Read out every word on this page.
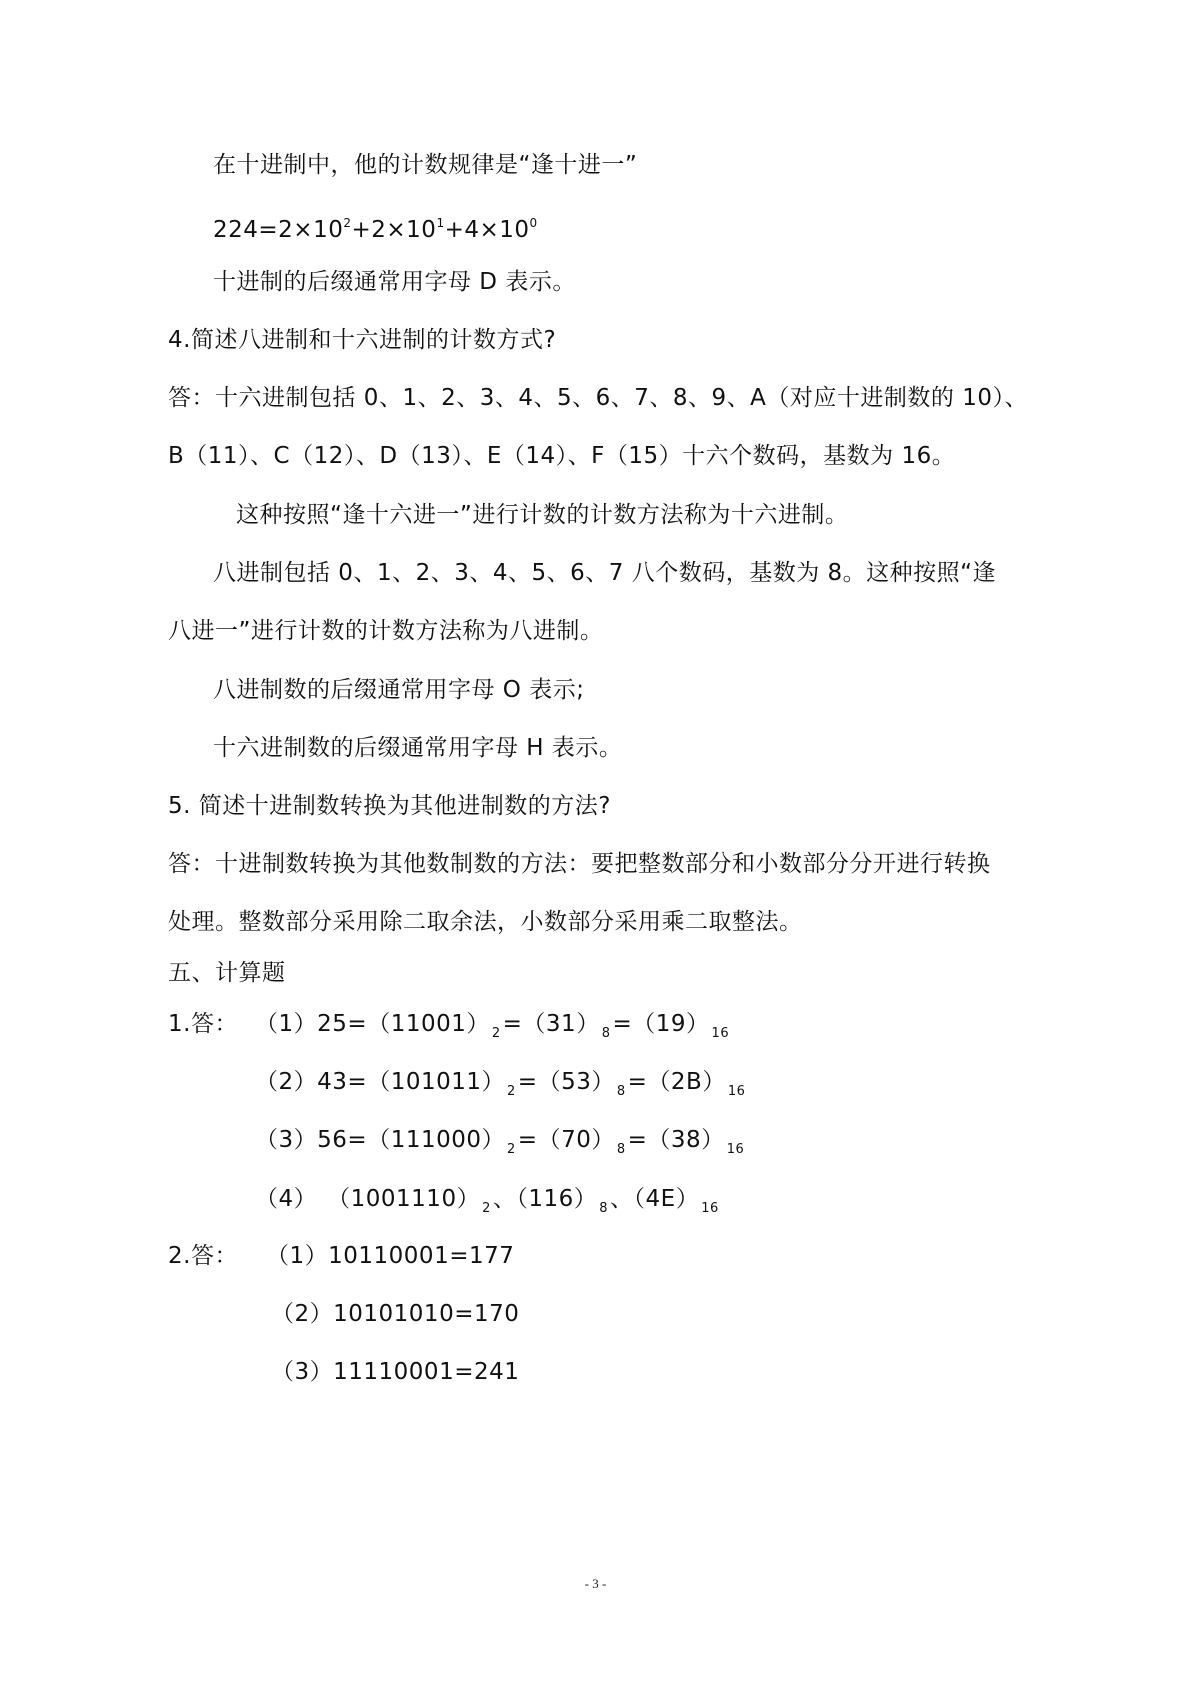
在十进制中，他的计数规律是“逢十进一”
$224=2\times 10^2+2\times 10^1+4\times 10^0$
十进制的后缀通常用字母 D 表示。
4.简述八进制和十六进制的计数方式?
答：十六进制包括 0、1、2、3、4、5、6、7、8、9、A（对应十进制数的 10）、
B（11）、C（12）、D（13）、E（14）、F（15）十六个数码，基数为 16。
这种按照“逢十六进一”进行计数的计数方法称为十六进制。
八进制包括 0、1、2、3、4、5、6、7 八个数码，基数为 8。这种按照“逢
八进一”进行计数的计数方法称为八进制。
八进制数的后缀通常用字母 O 表示;
十六进制数的后缀通常用字母 H 表示。
5. 简述十进制数转换为其他进制数的方法?
答：十进制数转换为其他数制数的方法：要把整数部分和小数部分分开进行转换
处理。整数部分采用除二取余法，小数部分采用乘二取整法。
五、计算题
1.答： （1）25=（11001） $_2$=（31） $_8$=（19） $_{16}$
（2）43=（101011） $_2$=（53） $_8$=（2B） $_{16}$
（3）56=（111000） $_2$=（70） $_8$=（38） $_{16}$
（4） （1001110） $_2$、（116） $_8$、（4E） $_{16}$
2.答： （1）10110001=177
（2）10101010=170
（3）11110001=241
- 3 -
